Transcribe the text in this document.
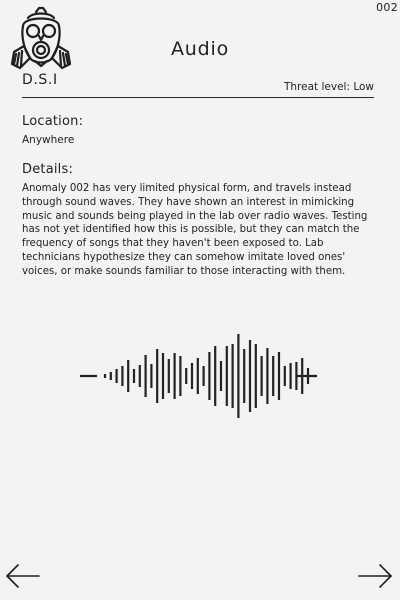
002
D.S.I
Audio
Threat level: Low
Location:
Anywhere
Details:
Anomaly 002 has very limited physical form, and travels instead through sound waves. They have shown an interest in mimicking music and sounds being played in the lab over radio waves. Testing has not yet identified how this is possible, but they can match the frequency of songs that they haven't been exposed to. Lab technicians hypothesize they can somehow imitate loved ones' voices, or make sounds familiar to those interacting with them.
